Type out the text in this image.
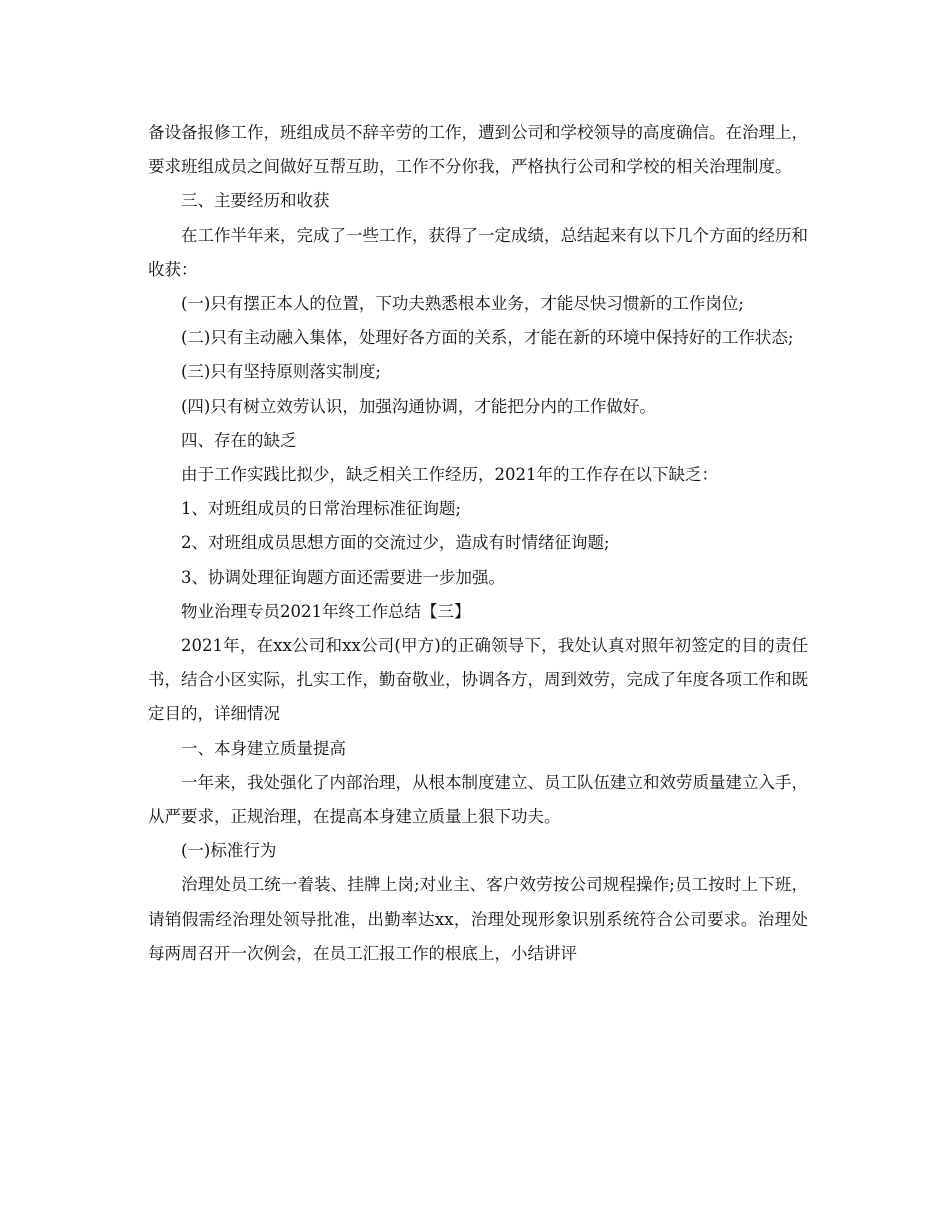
备设备报修工作，班组成员不辞辛劳的工作，遭到公司和学校领导的高度确信。在治理上，要求班组成员之间做好互帮互助，工作不分你我，严格执行公司和学校的相关治理制度。

三、主要经历和收获

在工作半年来，完成了一些工作，获得了一定成绩，总结起来有以下几个方面的经历和收获：

(一)只有摆正本人的位置，下功夫熟悉根本业务，才能尽快习惯新的工作岗位;

(二)只有主动融入集体，处理好各方面的关系，才能在新的环境中保持好的工作状态;

(三)只有坚持原则落实制度;

(四)只有树立效劳认识，加强沟通协调，才能把分内的工作做好。

四、存在的缺乏

由于工作实践比拟少，缺乏相关工作经历，2021年的工作存在以下缺乏：

1、对班组成员的日常治理标准征询题;

2、对班组成员思想方面的交流过少，造成有时情绪征询题;

3、协调处理征询题方面还需要进一步加强。

物业治理专员2021年终工作总结【三】

2021年，在xx公司和xx公司(甲方)的正确领导下，我处认真对照年初签定的目的责任书，结合小区实际，扎实工作，勤奋敬业，协调各方，周到效劳，完成了年度各项工作和既定目的，详细情况

一、本身建立质量提高

一年来，我处强化了内部治理，从根本制度建立、员工队伍建立和效劳质量建立入手，从严要求，正规治理，在提高本身建立质量上狠下功夫。

(一)标准行为

治理处员工统一着装、挂牌上岗;对业主、客户效劳按公司规程操作;员工按时上下班，请销假需经治理处领导批准，出勤率达xx，治理处现形象识别系统符合公司要求。治理处每两周召开一次例会，在员工汇报工作的根底上，小结讲评
